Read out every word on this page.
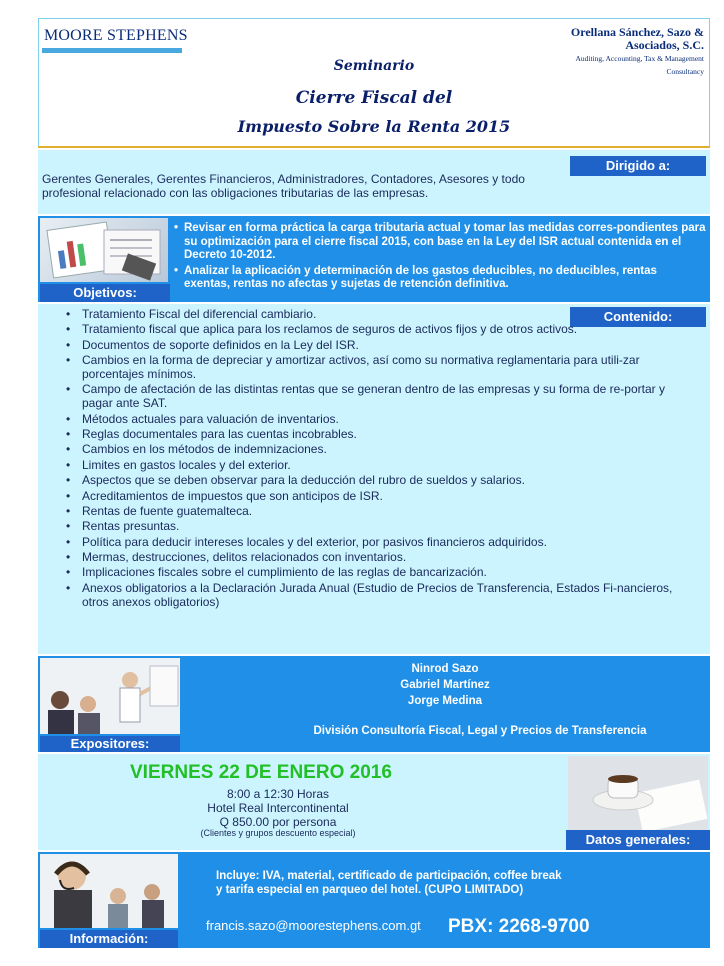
MOORE STEPHENS	Orellana Sánchez, Sazo & Asociados, S.C.
Auditing, Accounting, Tax & Management Consultancy
Seminario
Cierre Fiscal del
Impuesto Sobre la Renta 2015
Dirigido a:
Gerentes Generales, Gerentes Financieros, Administradores, Contadores, Asesores y todo profesional relacionado con las obligaciones tributarias de las empresas.
Objetivos:
• Revisar en forma práctica la carga tributaria actual y tomar las medidas corres-pondientes para su optimización para el cierre fiscal 2015, con base en la Ley del ISR actual contenida en el Decreto 10-2012.
• Analizar la aplicación y determinación de los gastos deducibles, no deducibles, rentas exentas, rentas no afectas y sujetas de retención definitiva.
Contenido:
• Tratamiento Fiscal del diferencial cambiario.
• Tratamiento fiscal que aplica para los reclamos de seguros de activos fijos y de otros activos.
• Documentos de soporte definidos en la Ley del ISR.
• Cambios en la forma de depreciar y amortizar activos, así como su normativa reglamentaria para utili-zar porcentajes mínimos.
• Campo de afectación de las distintas rentas que se generan dentro de las empresas y su forma de re-portar y pagar ante SAT.
• Métodos actuales para valuación de inventarios.
• Reglas documentales para las cuentas incobrables.
• Cambios en los métodos de indemnizaciones.
• Limites en gastos locales y del exterior.
• Aspectos que se deben observar para la deducción del rubro de sueldos y salarios.
• Acreditamientos de impuestos que son anticipos de ISR.
• Rentas de fuente guatemalteca.
• Rentas presuntas.
• Política para deducir intereses locales y del exterior, por pasivos financieros adquiridos.
• Mermas, destrucciones, delitos relacionados con inventarios.
• Implicaciones fiscales sobre el cumplimiento de las reglas de bancarización.
• Anexos obligatorios a la Declaración Jurada Anual (Estudio de Precios de Transferencia, Estados Fi-nancieros, otros anexos obligatorios)
Expositores:
Ninrod Sazo
Gabriel Martínez
Jorge Medina
División Consultoría Fiscal, Legal y Precios de Transferencia
VIERNES 22 DE ENERO 2016
8:00 a 12:30 Horas
Hotel Real Intercontinental
Q 850.00 por persona
(Clientes y grupos descuento especial)	Datos generales:
Información:
Incluye: IVA, material, certificado de participación, coffee break
y tarifa especial en parqueo del hotel. (CUPO LIMITADO)
francis.sazo@moorestephens.com.gt PBX: 2268-9700
